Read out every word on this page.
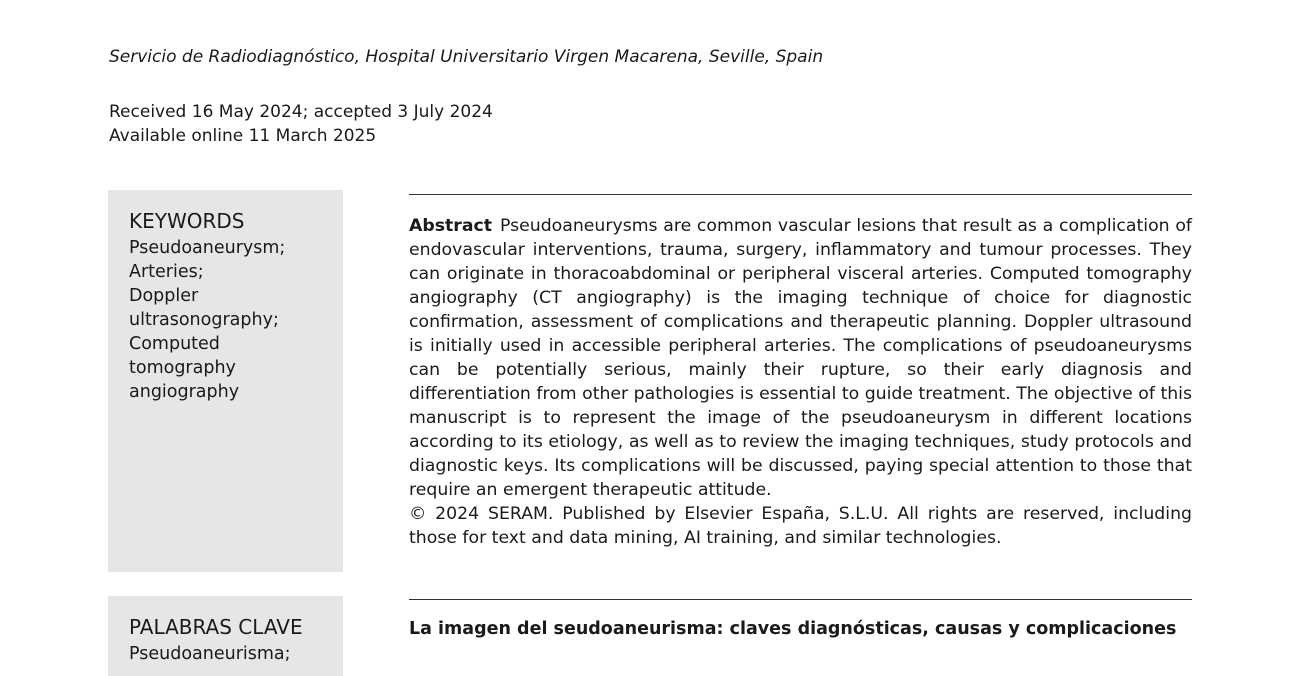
Servicio de Radiodiagnóstico, Hospital Universitario Virgen Macarena, Seville, Spain
Received 16 May 2024; accepted 3 July 2024
Available online 11 March 2025
KEYWORDS
Pseudoaneurysm;
Arteries;
Doppler
ultrasonography;
Computed
tomography
angiography

Abstract Pseudoaneurysms are common vascular lesions that result as a complication of endovascular interventions, trauma, surgery, inflammatory and tumour processes. They can originate in thoracoabdominal or peripheral visceral arteries. Computed tomography angiography (CT angiography) is the imaging technique of choice for diagnostic confirmation, assessment of complications and therapeutic planning. Doppler ultrasound is initially used in accessible peripheral arteries. The complications of pseudoaneurysms can be potentially serious, mainly their rupture, so their early diagnosis and differentiation from other pathologies is essential to guide treatment. The objective of this manuscript is to represent the image of the pseudoaneurysm in different locations according to its etiology, as well as to review the imaging techniques, study protocols and diagnostic keys. Its complications will be discussed, paying special attention to those that require an emergent therapeutic attitude.

© 2024 SERAM. Published by Elsevier España, S.L.U. All rights are reserved, including those for text and data mining, AI training, and similar technologies.

PALABRAS CLAVE
Pseudoaneurisma;
La imagen del seudoaneurisma: claves diagnósticas, causas y complicaciones
